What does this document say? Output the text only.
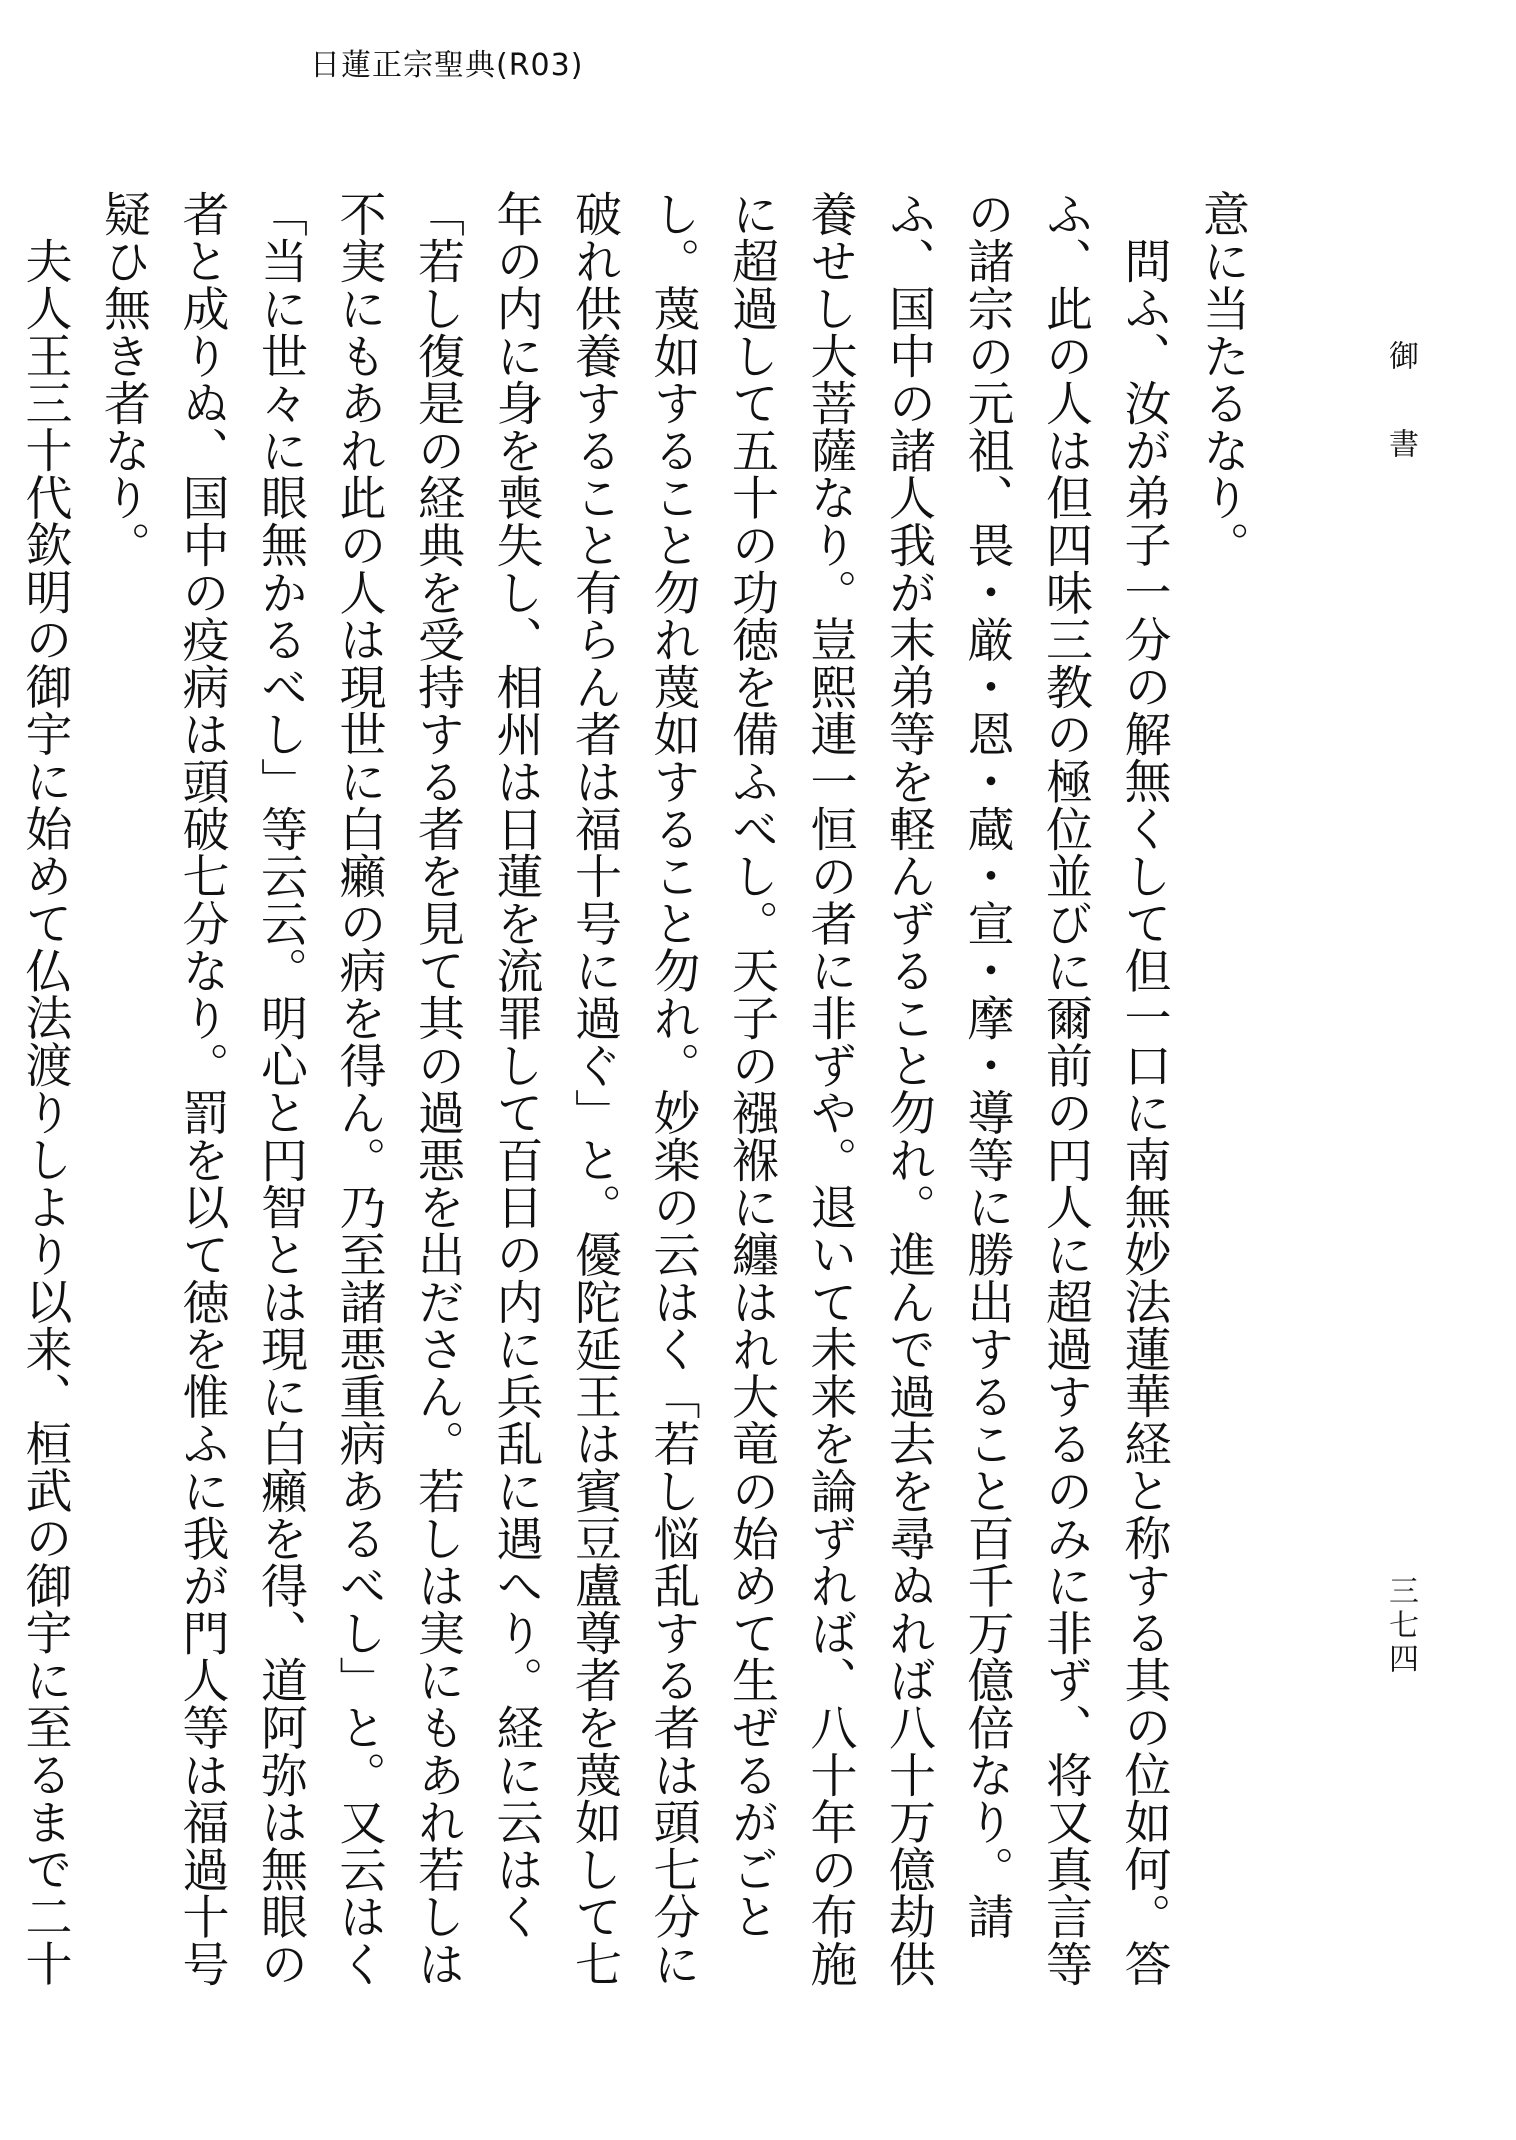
日蓮正宗聖典(R03)
御書
三七四

意に当たるなり。

問ふ、汝が弟子一分の解無くして但一口に南無妙法蓮華経と称する其の位如何。答ふ、此の人は但四味三教の極位並びに爾前の円人に超過するのみに非ず、将又真言等の諸宗の元祖、畏・厳・恩・蔵・宣・摩・導等に勝出すること百千万億倍なり。請ふ、国中の諸人我が末弟等を軽んずること勿れ。進んで過去を尋ぬれば八十万億劫供養せし大菩薩なり。豈熙連一恒の者に非ずや。退いて未来を論ずれば、八十年の布施に超過して五十の功徳を備ふべし。天子の襁褓に纏はれ大竜の始めて生ぜるがごとし。蔑如すること勿れ蔑如すること勿れ。妙楽の云はく「若し悩乱する者は頭七分に破れ供養すること有らん者は福十号に過ぐ」と。優陀延王は賓豆盧尊者を蔑如して七年の内に身を喪失し、相州は日蓮を流罪して百日の内に兵乱に遇へり。経に云はく「若し復是の経典を受持する者を見て其の過悪を出ださん。若しは実にもあれ若しは不実にもあれ此の人は現世に白癩の病を得ん。乃至諸悪重病あるべし」と。又云はく「当に世々に眼無かるべし」等云云。明心と円智とは現に白癩を得、道阿弥は無眼の者と成りぬ、国中の疫病は頭破七分なり。罰を以て徳を惟ふに我が門人等は福過十号疑ひ無き者なり。

夫人王三十代欽明の御宇に始めて仏法渡りしより以来、桓武の御宇に至るまで二十
